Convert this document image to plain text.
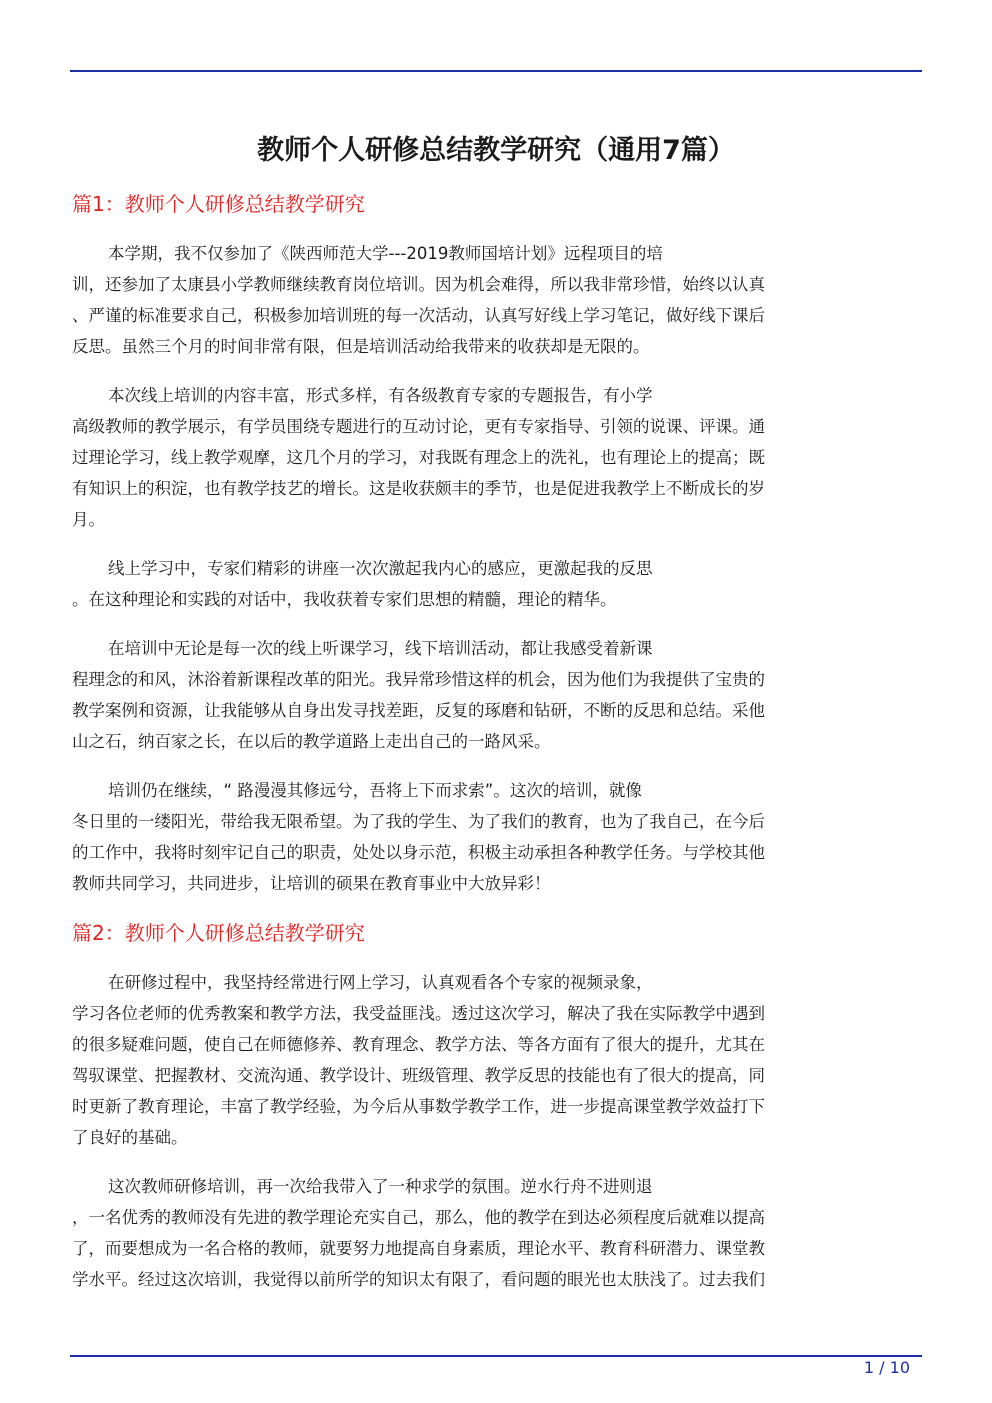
教师个人研修总结教学研究（通用7篇）
篇1：教师个人研修总结教学研究

本学期，我不仅参加了《陕西师范大学---2019教师国培计划》远程项目的培
训，还参加了太康县小学教师继续教育岗位培训。因为机会难得，所以我非常珍惜，始终以认真
、严谨的标准要求自己，积极参加培训班的每一次活动，认真写好线上学习笔记，做好线下课后
反思。虽然三个月的时间非常有限，但是培训活动给我带来的收获却是无限的。

本次线上培训的内容丰富，形式多样，有各级教育专家的专题报告，有小学
高级教师的教学展示，有学员围绕专题进行的互动讨论，更有专家指导、引领的说课、评课。通
过理论学习，线上教学观摩，这几个月的学习，对我既有理念上的洗礼，也有理论上的提高；既
有知识上的积淀，也有教学技艺的增长。这是收获颇丰的季节，也是促进我教学上不断成长的岁
月。

线上学习中，专家们精彩的讲座一次次激起我内心的感应，更激起我的反思
。在这种理论和实践的对话中，我收获着专家们思想的精髓，理论的精华。

在培训中无论是每一次的线上听课学习，线下培训活动，都让我感受着新课
程理念的和风，沐浴着新课程改革的阳光。我异常珍惜这样的机会，因为他们为我提供了宝贵的
教学案例和资源，让我能够从自身出发寻找差距，反复的琢磨和钻研，不断的反思和总结。采他
山之石，纳百家之长，在以后的教学道路上走出自己的一路风采。

培训仍在继续，“ 路漫漫其修远兮，吾将上下而求索”。这次的培训，就像
冬日里的一缕阳光，带给我无限希望。为了我的学生、为了我们的教育，也为了我自己，在今后
的工作中，我将时刻牢记自己的职责，处处以身示范，积极主动承担各种教学任务。与学校其他
教师共同学习，共同进步，让培训的硕果在教育事业中大放异彩！

篇2：教师个人研修总结教学研究

在研修过程中，我坚持经常进行网上学习，认真观看各个专家的视频录象，
学习各位老师的优秀教案和教学方法，我受益匪浅。透过这次学习，解决了我在实际教学中遇到
的很多疑难问题，使自己在师德修养、教育理念、教学方法、等各方面有了很大的提升，尤其在
驾驭课堂、把握教材、交流沟通、教学设计、班级管理、教学反思的技能也有了很大的提高，同
时更新了教育理论，丰富了教学经验，为今后从事数学教学工作，进一步提高课堂教学效益打下
了良好的基础。

这次教师研修培训，再一次给我带入了一种求学的氛围。逆水行舟不进则退
，一名优秀的教师没有先进的教学理论充实自己，那么，他的教学在到达必须程度后就难以提高
了，而要想成为一名合格的教师，就要努力地提高自身素质，理论水平、教育科研潜力、课堂教
学水平。经过这次培训，我觉得以前所学的知识太有限了，看问题的眼光也太肤浅了。过去我们

1 / 10
